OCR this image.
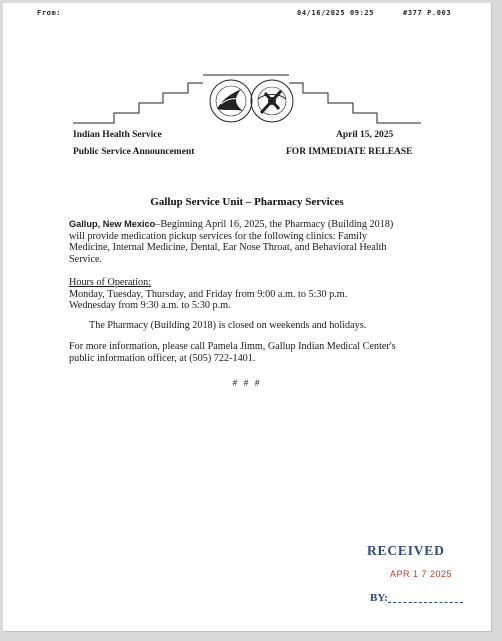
From:	04/16/2025 09:25	#377 P.003
Indian Health Service
Public Service Announcement
April 15, 2025
FOR IMMEDIATE RELEASE
Gallup Service Unit – Pharmacy Services
Gallup, New Mexico–Beginning April 16, 2025, the Pharmacy (Building 2018) will provide medication pickup services for the following clinics: Family Medicine, Internal Medicine, Dental, Ear Nose Throat, and Behavioral Health Service.
Hours of Operation:
Monday, Tuesday, Thursday, and Friday from 9:00 a.m. to 5:30 p.m.
Wednesday from 9:30 a.m. to 5:30 p.m.
The Pharmacy (Building 2018) is closed on weekends and holidays.
For more information, please call Pamela Jimm, Gallup Indian Medical Center's public information officer, at (505) 722-1401.
# # #
RECEIVED
APR 1 7 2025
BY:
